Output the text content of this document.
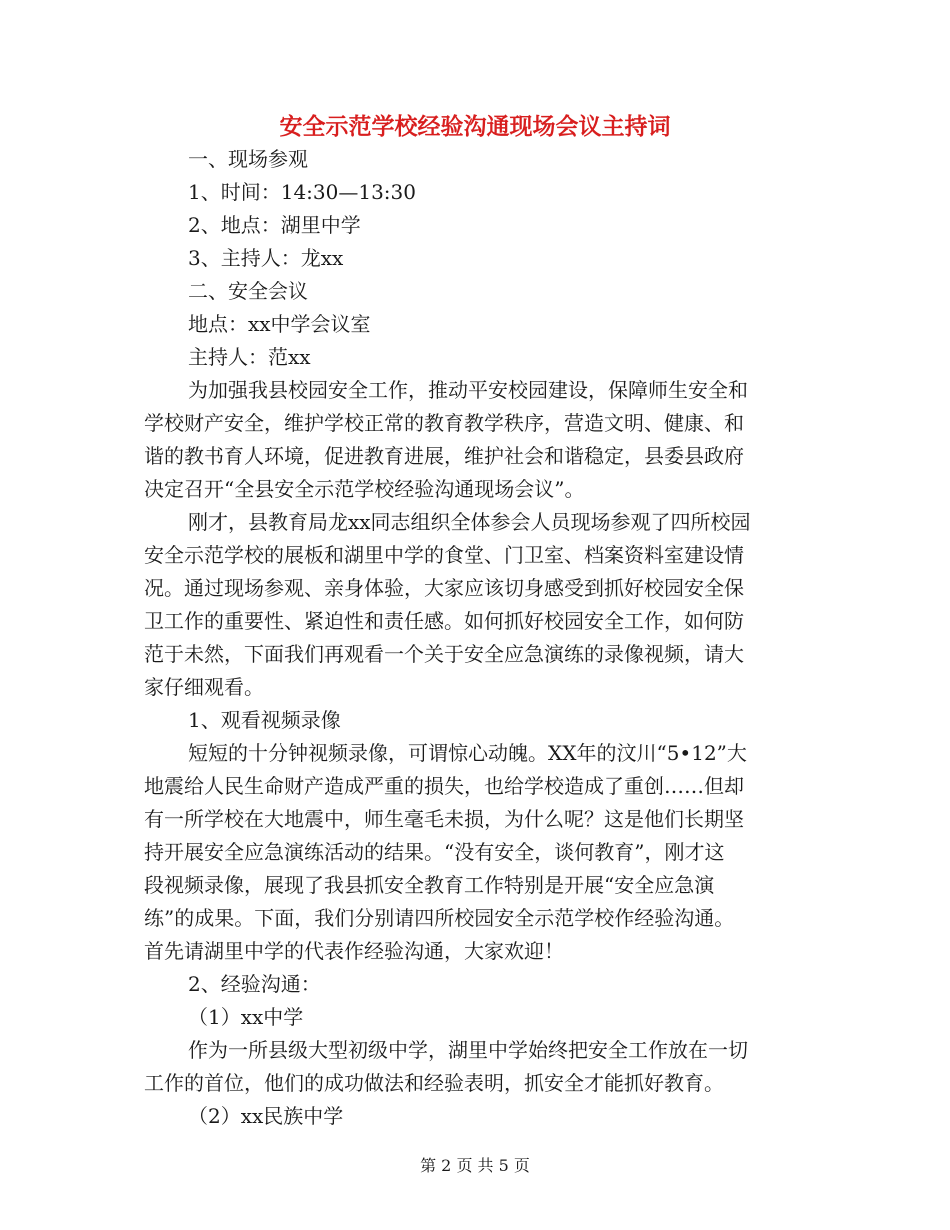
安全示范学校经验沟通现场会议主持词

一、现场参观

1、时间：14:30—13:30

2、地点：湖里中学

3、主持人：龙xx

二、安全会议

地点：xx中学会议室

主持人：范xx

为加强我县校园安全工作，推动平安校园建设，保障师生安全和

学校财产安全，维护学校正常的教育教学秩序，营造文明、健康、和

谐的教书育人环境，促进教育进展，维护社会和谐稳定，县委县政府

决定召开“全县安全示范学校经验沟通现场会议”。

刚才，县教育局龙xx同志组织全体参会人员现场参观了四所校园

安全示范学校的展板和湖里中学的食堂、门卫室、档案资料室建设情

况。通过现场参观、亲身体验，大家应该切身感受到抓好校园安全保

卫工作的重要性、紧迫性和责任感。如何抓好校园安全工作，如何防

范于未然，下面我们再观看一个关于安全应急演练的录像视频，请大

家仔细观看。

1、观看视频录像

短短的十分钟视频录像，可谓惊心动魄。XX年的汶川“5•12”大

地震给人民生命财产造成严重的损失，也给学校造成了重创……但却

有一所学校在大地震中，师生毫毛未损，为什么呢？这是他们长期坚

持开展安全应急演练活动的结果。“没有安全，谈何教育”，刚才这

段视频录像，展现了我县抓安全教育工作特别是开展“安全应急演

练”的成果。下面，我们分别请四所校园安全示范学校作经验沟通。

首先请湖里中学的代表作经验沟通，大家欢迎！

2、经验沟通：

（1）xx中学

作为一所县级大型初级中学，湖里中学始终把安全工作放在一切

工作的首位，他们的成功做法和经验表明，抓安全才能抓好教育。

（2）xx民族中学

第 2 页 共 5 页
